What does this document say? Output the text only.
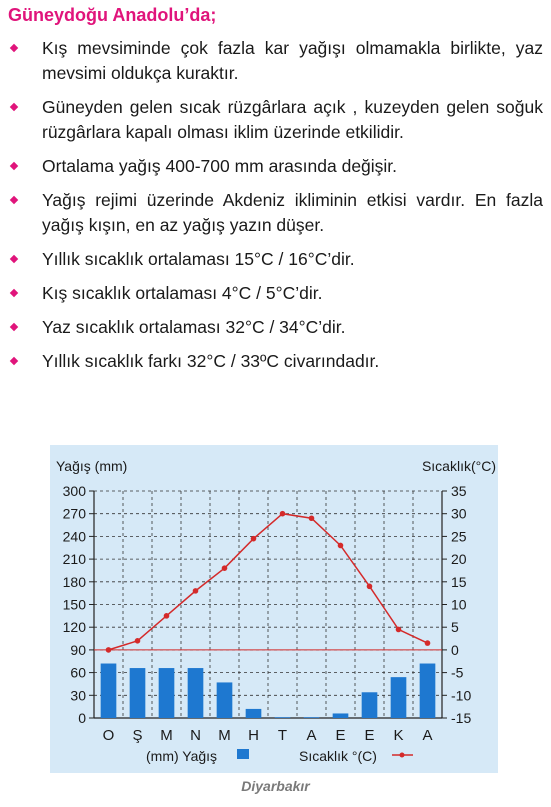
Güneydoğu Anadolu’da;
Kış mevsiminde çok fazla kar yağışı olmamakla birlikte, yaz mevsimi oldukça kuraktır.
Güneyden gelen sıcak rüzgârlara açık , kuzeyden gelen soğuk rüzgârlara kapalı olması iklim üzerinde etkilidir.
Ortalama yağış 400-700 mm arasında değişir.
Yağış rejimi üzerinde Akdeniz ikliminin etkisi vardır. En fazla yağış kışın, en az yağış yazın düşer.
Yıllık sıcaklık ortalaması 15°C / 16°C’dir.
Kış sıcaklık ortalaması 4°C / 5°C’dir.
Yaz sıcaklık ortalaması 32°C / 34°C’dir.
Yıllık sıcaklık farkı 32°C / 33ºC civarındadır.
Yağış (mm)	Sıcaklık(°C)
0
30
60
90
120
150
180
210
240
270
300
-15
-10
-5
0
5
10
15
20
25
30
35
O Ş M N M H T A E E K A
(mm) Yağış	Sıcaklık °(C)
Diyarbakır
